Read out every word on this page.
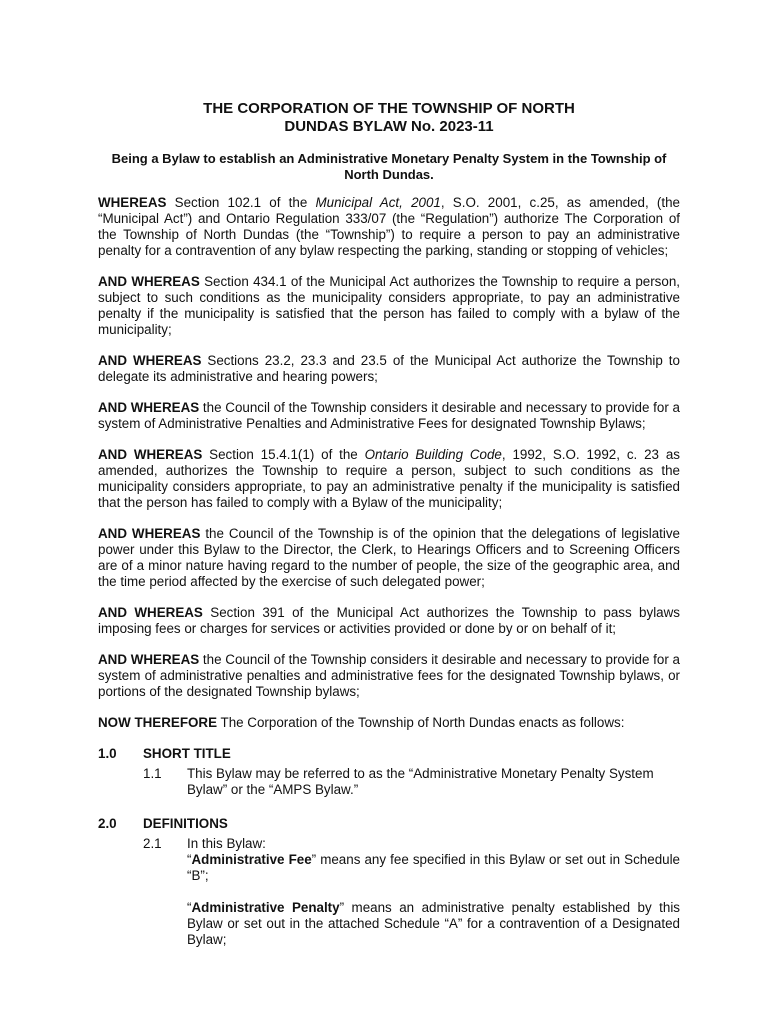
THE CORPORATION OF THE TOWNSHIP OF NORTH
DUNDAS BYLAW No. 2023-11
Being a Bylaw to establish an Administrative Monetary Penalty System in the Township of North Dundas.

WHEREAS Section 102.1 of the Municipal Act, 2001, S.O. 2001, c.25, as amended, (the “Municipal Act”) and Ontario Regulation 333/07 (the “Regulation”) authorize The Corporation of the Township of North Dundas (the “Township”) to require a person to pay an administrative penalty for a contravention of any bylaw respecting the parking, standing or stopping of vehicles;

AND WHEREAS Section 434.1 of the Municipal Act authorizes the Township to require a person, subject to such conditions as the municipality considers appropriate, to pay an administrative penalty if the municipality is satisfied that the person has failed to comply with a bylaw of the municipality;

AND WHEREAS Sections 23.2, 23.3 and 23.5 of the Municipal Act authorize the Township to delegate its administrative and hearing powers;

AND WHEREAS the Council of the Township considers it desirable and necessary to provide for a system of Administrative Penalties and Administrative Fees for designated Township Bylaws;

AND WHEREAS Section 15.4.1(1) of the Ontario Building Code, 1992, S.O. 1992, c. 23 as amended, authorizes the Township to require a person, subject to such conditions as the municipality considers appropriate, to pay an administrative penalty if the municipality is satisfied that the person has failed to comply with a Bylaw of the municipality;

AND WHEREAS the Council of the Township is of the opinion that the delegations of legislative power under this Bylaw to the Director, the Clerk, to Hearings Officers and to Screening Officers are of a minor nature having regard to the number of people, the size of the geographic area, and the time period affected by the exercise of such delegated power;

AND WHEREAS Section 391 of the Municipal Act authorizes the Township to pass bylaws imposing fees or charges for services or activities provided or done by or on behalf of it;

AND WHEREAS the Council of the Township considers it desirable and necessary to provide for a system of administrative penalties and administrative fees for the designated Township bylaws, or portions of the designated Township bylaws;

NOW THEREFORE The Corporation of the Township of North Dundas enacts as follows:

1.0	SHORT TITLE
1.1	This Bylaw may be referred to as the “Administrative Monetary Penalty System Bylaw” or the “AMPS Bylaw.”
2.0	DEFINITIONS
2.1	In this Bylaw:
“Administrative Fee” means any fee specified in this Bylaw or set out in Schedule “B”;
“Administrative Penalty” means an administrative penalty established by this Bylaw or set out in the attached Schedule “A” for a contravention of a Designated Bylaw;
